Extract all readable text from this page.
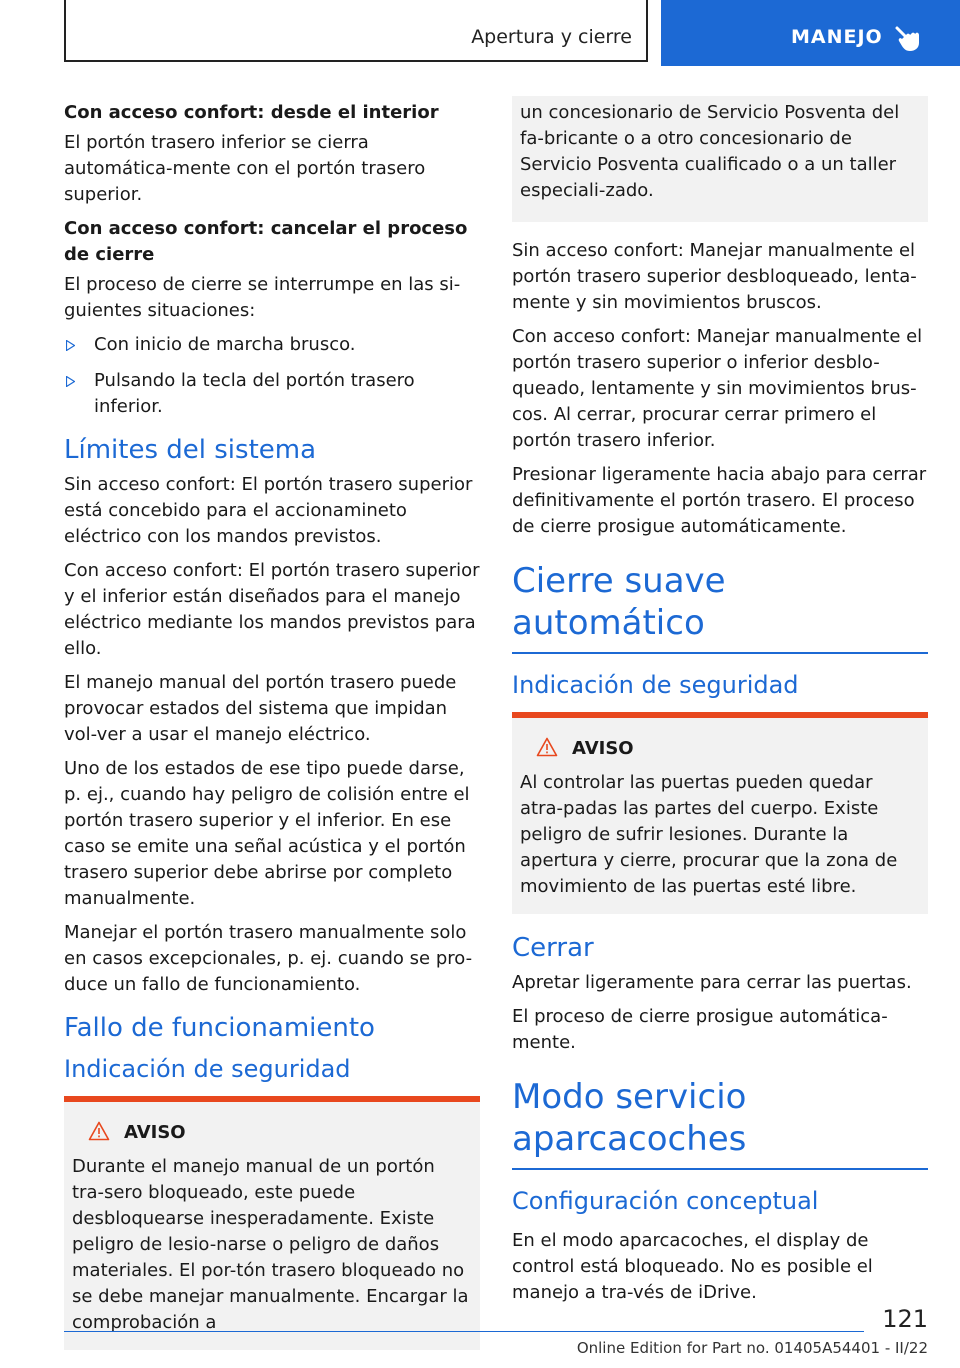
Apertura y cierre	MANEJO
Con acceso confort: desde el interior

El portón trasero inferior se cierra automática-mente con el portón trasero superior.

Con acceso confort: cancelar el proceso de cierre

El proceso de cierre se interrumpe en las si-guientes situaciones:

Con inicio de marcha brusco.
Pulsando la tecla del portón trasero inferior.
Límites del sistema

Sin acceso confort: El portón trasero superior está concebido para el accionamineto eléctrico con los mandos previstos.

Con acceso confort: El portón trasero superior y el inferior están diseñados para el manejo eléctrico mediante los mandos previstos para ello.

El manejo manual del portón trasero puede provocar estados del sistema que impidan vol-ver a usar el manejo eléctrico.

Uno de los estados de ese tipo puede darse, p. ej., cuando hay peligro de colisión entre el portón trasero superior y el inferior. En ese caso se emite una señal acústica y el portón trasero superior debe abrirse por completo manualmente.

Manejar el portón trasero manualmente solo en casos excepcionales, p. ej. cuando se pro-duce un fallo de funcionamiento.

Fallo de funcionamiento
Indicación de seguridad
AVISO

Durante el manejo manual de un portón tra-sero bloqueado, este puede desbloquearse inesperadamente. Existe peligro de lesio-narse o peligro de daños materiales. El por-tón trasero bloqueado no se debe manejar manualmente. Encargar la comprobación a

un concesionario de Servicio Posventa del fa-bricante o a otro concesionario de Servicio Posventa cualificado o a un taller especiali-zado.

Sin acceso confort: Manejar manualmente el portón trasero superior desbloqueado, lenta-mente y sin movimientos bruscos.

Con acceso confort: Manejar manualmente el portón trasero superior o inferior desblo-queado, lentamente y sin movimientos brus-cos. Al cerrar, procurar cerrar primero el portón trasero inferior.

Presionar ligeramente hacia abajo para cerrar definitivamente el portón trasero. El proceso de cierre prosigue automáticamente.

Cierre suave automático
Indicación de seguridad
AVISO

Al controlar las puertas pueden quedar atra-padas las partes del cuerpo. Existe peligro de sufrir lesiones. Durante la apertura y cierre, procurar que la zona de movimiento de las puertas esté libre.

Cerrar

Apretar ligeramente para cerrar las puertas.

El proceso de cierre prosigue automática-mente.

Modo servicio aparcacoches
Configuración conceptual

En el modo aparcacoches, el display de control está bloqueado. No es posible el manejo a tra-vés de iDrive.

121
Online Edition for Part no. 01405A54401 - II/22
